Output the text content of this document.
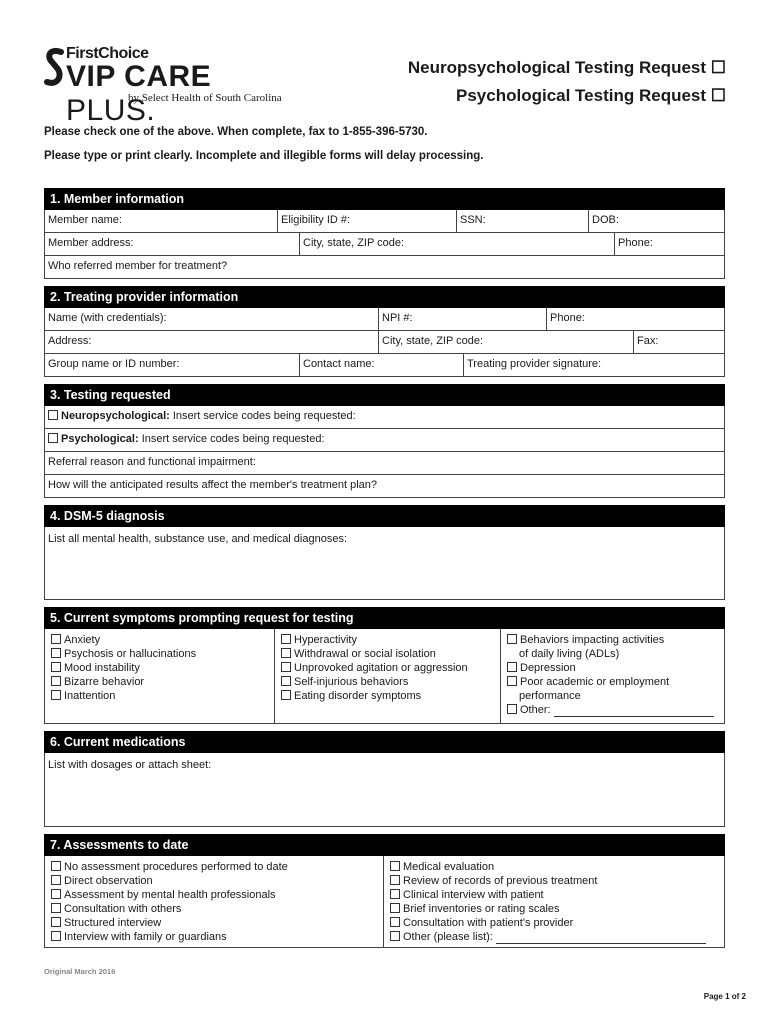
FirstChoice
VIP CARE PLUS.
by Select Health of South Carolina
Neuropsychological Testing Request ☐
Psychological Testing Request ☐
Please check one of the above. When complete, fax to 1-855-396-5730.
Please type or print clearly. Incomplete and illegible forms will delay processing.
1. Member information
Member name:	Eligibility ID #:	SSN:	DOB:
Member address:	City, state, ZIP code:	Phone:
Who referred member for treatment?
2. Treating provider information
Name (with credentials):	NPI #:	Phone:
Address:	City, state, ZIP code:	Fax:
Group name or ID number:	Contact name:	Treating provider signature:
3. Testing requested
Neuropsychological: Insert service codes being requested:
Psychological: Insert service codes being requested:
Referral reason and functional impairment:
How will the anticipated results affect the member's treatment plan?
4. DSM-5 diagnosis
List all mental health, substance use, and medical diagnoses:
5. Current symptoms prompting request for testing
Anxiety
Psychosis or hallucinations
Mood instability
Bizarre behavior
Inattention
Hyperactivity
Withdrawal or social isolation
Unprovoked agitation or aggression
Self-injurious behaviors
Eating disorder symptoms
Behaviors impacting activities
of daily living (ADLs)
Depression
Poor academic or employment
performance
Other:
6. Current medications
List with dosages or attach sheet:
7. Assessments to date
No assessment procedures performed to date
Direct observation
Assessment by mental health professionals
Consultation with others
Structured interview
Interview with family or guardians
Medical evaluation
Review of records of previous treatment
Clinical interview with patient
Brief inventories or rating scales
Consultation with patient's provider
Other (please list):
Original March 2016
Page 1 of 2
